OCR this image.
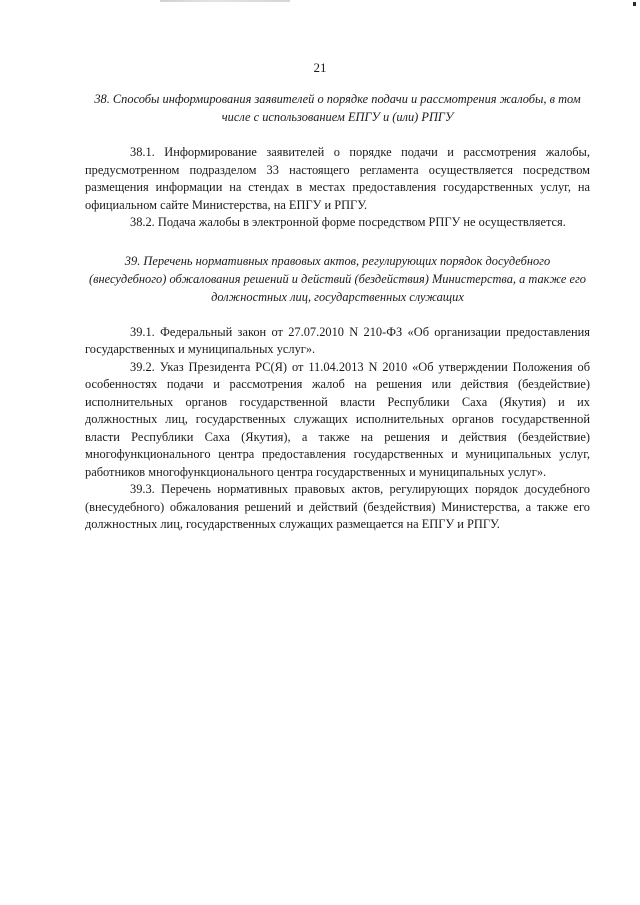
21

38. Способы информирования заявителей о порядке подачи и рассмотрения жалобы, в том числе с использованием ЕПГУ и (или) РПГУ

38.1. Информирование заявителей о порядке подачи и рассмотрения жалобы, предусмотренном подразделом 33 настоящего регламента осуществляется посредством размещения информации на стендах в местах предоставления государственных услуг, на официальном сайте Министерства, на ЕПГУ и РПГУ.

38.2. Подача жалобы в электронной форме посредством РПГУ не осуществляется.

39. Перечень нормативных правовых актов, регулирующих порядок досудебного (внесудебного) обжалования решений и действий (бездействия) Министерства, а также его должностных лиц, государственных служащих

39.1. Федеральный закон от 27.07.2010 N 210-ФЗ «Об организации предоставления государственных и муниципальных услуг».

39.2. Указ Президента РС(Я) от 11.04.2013 N 2010 «Об утверждении Положения об особенностях подачи и рассмотрения жалоб на решения или действия (бездействие) исполнительных органов государственной власти Республики Саха (Якутия) и их должностных лиц, государственных служащих исполнительных органов государственной власти Республики Саха (Якутия), а также на решения и действия (бездействие) многофункционального центра предоставления государственных и муниципальных услуг, работников многофункционального центра государственных и муниципальных услуг».

39.3. Перечень нормативных правовых актов, регулирующих порядок досудебного (внесудебного) обжалования решений и действий (бездействия) Министерства, а также его должностных лиц, государственных служащих размещается на ЕПГУ и РПГУ.
